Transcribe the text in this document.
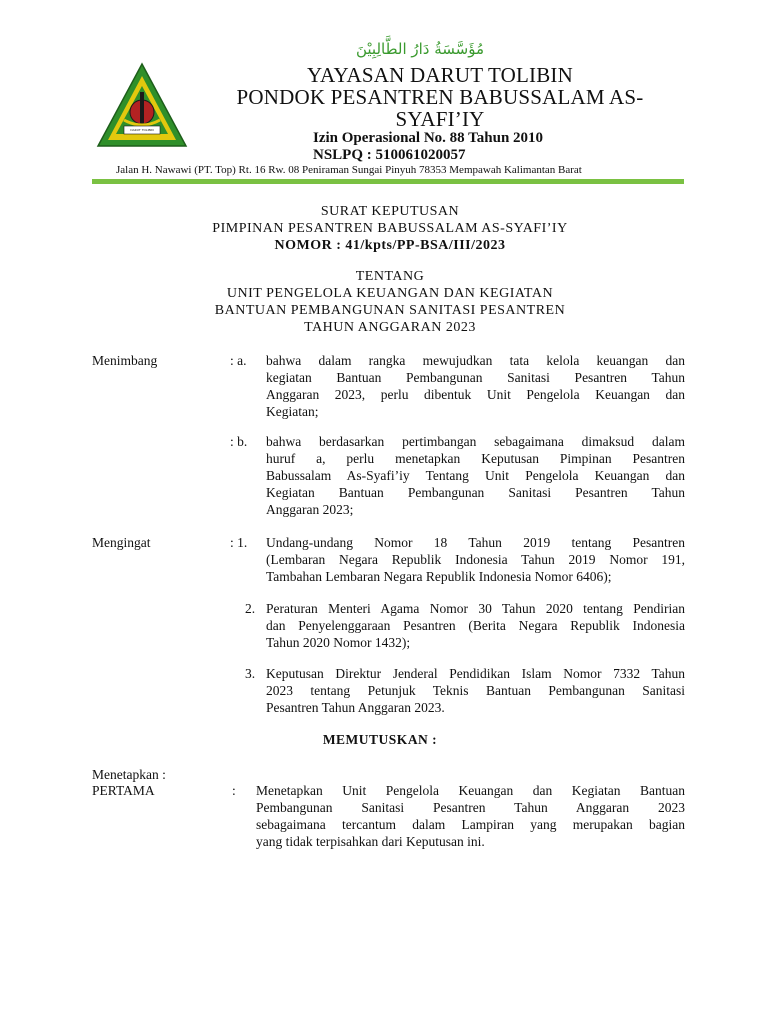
DARUT TOLIBIN
مُؤَسَّسَةُ دَارُ الطَّالِبِيْنَ
YAYASAN DARUT TOLIBIN
PONDOK PESANTREN BABUSSALAM AS-
SYAFI’IY
Izin Operasional No. 88 Tahun 2010
NSLPQ : 510061020057
Jalan H. Nawawi (PT. Top) Rt. 16 Rw. 08 Peniraman Sungai Pinyuh 78353 Mempawah Kalimantan Barat
SURAT KEPUTUSAN
PIMPINAN PESANTREN BABUSSALAM AS-SYAFI’IY
NOMOR : 41/kpts/PP-BSA/III/2023
TENTANG
UNIT PENGELOLA KEUANGAN DAN KEGIATAN
BANTUAN PEMBANGUNAN SANITASI PESANTREN
TAHUN ANGGARAN 2023
Menimbang	: a. bahwa dalam rangka mewujudkan tata kelola keuangan dan
kegiatan Bantuan Pembangunan Sanitasi Pesantren Tahun
Anggaran 2023, perlu dibentuk Unit Pengelola Keuangan dan
Kegiatan;
: b. bahwa berdasarkan pertimbangan sebagaimana dimaksud dalam
huruf a, perlu menetapkan Keputusan Pimpinan Pesantren
Babussalam As-Syafi’iy Tentang Unit Pengelola Keuangan dan
Kegiatan Bantuan Pembangunan Sanitasi Pesantren Tahun
Anggaran 2023;
Mengingat	: 1. Undang-undang Nomor 18 Tahun 2019 tentang Pesantren
(Lembaran Negara Republik Indonesia Tahun 2019 Nomor 191,
Tambahan Lembaran Negara Republik Indonesia Nomor 6406);
2. Peraturan Menteri Agama Nomor 30 Tahun 2020 tentang Pendirian
dan Penyelenggaraan Pesantren (Berita Negara Republik Indonesia
Tahun 2020 Nomor 1432);
3. Keputusan Direktur Jenderal Pendidikan Islam Nomor 7332 Tahun
2023 tentang Petunjuk Teknis Bantuan Pembangunan Sanitasi
Pesantren Tahun Anggaran 2023.
MEMUTUSKAN :
Menetapkan :
PERTAMA	: Menetapkan Unit Pengelola Keuangan dan Kegiatan Bantuan
Pembangunan Sanitasi Pesantren Tahun Anggaran 2023
sebagaimana tercantum dalam Lampiran yang merupakan bagian
yang tidak terpisahkan dari Keputusan ini.
